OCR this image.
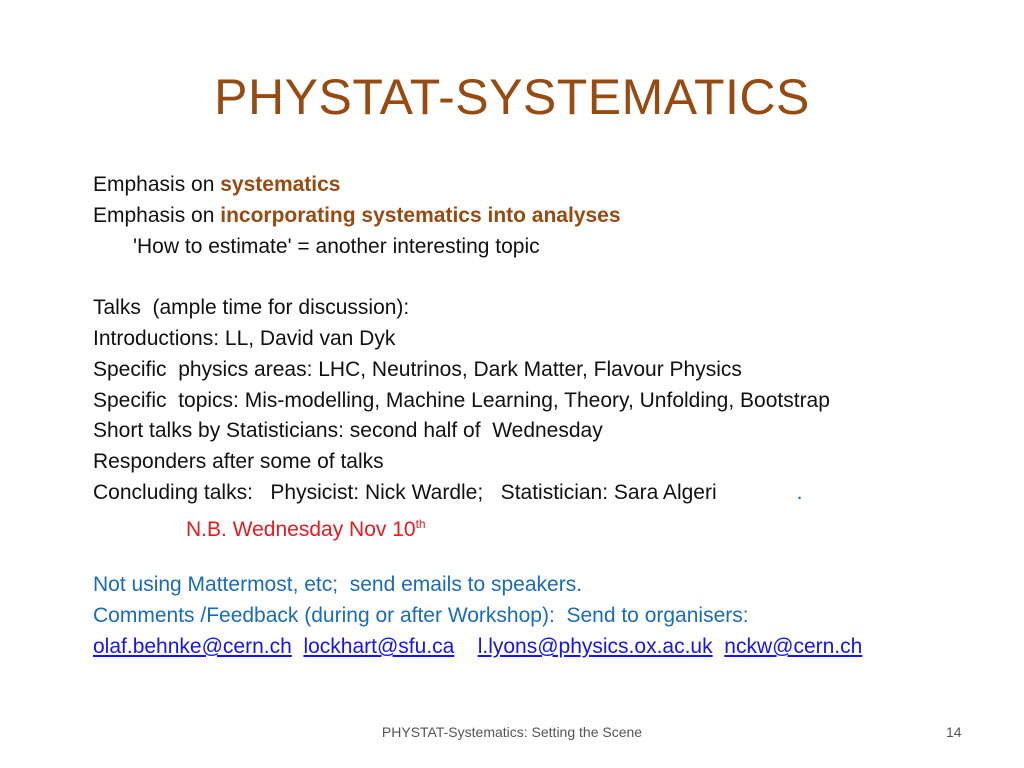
PHYSTAT-SYSTEMATICS
Emphasis on systematics
Emphasis on incorporating systematics into analyses
'How to estimate' = another interesting topic
Talks  (ample time for discussion):
Introductions: LL, David van Dyk
Specific  physics areas: LHC, Neutrinos, Dark Matter, Flavour Physics
Specific  topics: Mis-modelling, Machine Learning, Theory, Unfolding, Bootstrap
Short talks by Statisticians: second half of  Wednesday
Responders after some of talks
Concluding talks:   Physicist: Nick Wardle;   Statistician: Sara Algeri	.
N.B. Wednesday Nov 10th
Not using Mattermost, etc;  send emails to speakers.
Comments /Feedback (during or after Workshop):  Send to organisers:
olaf.behnke@cern.ch lockhart@sfu.ca l.lyons@physics.ox.ac.uk nckw@cern.ch
PHYSTAT-Systematics: Setting the Scene	14
